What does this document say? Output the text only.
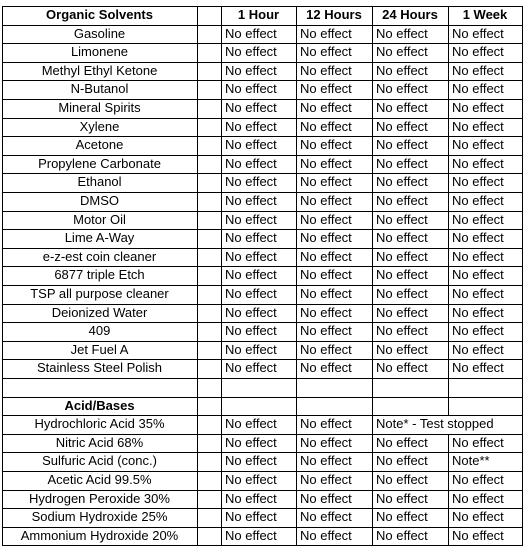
Organic Solvents	1 Hour	12 Hours	24 Hours	1 Week
Gasoline	No effect	No effect	No effect	No effect
Limonene	No effect	No effect	No effect	No effect
Methyl Ethyl Ketone	No effect	No effect	No effect	No effect
N-Butanol	No effect	No effect	No effect	No effect
Mineral Spirits	No effect	No effect	No effect	No effect
Xylene	No effect	No effect	No effect	No effect
Acetone	No effect	No effect	No effect	No effect
Propylene Carbonate	No effect	No effect	No effect	No effect
Ethanol	No effect	No effect	No effect	No effect
DMSO	No effect	No effect	No effect	No effect
Motor Oil	No effect	No effect	No effect	No effect
Lime A-Way	No effect	No effect	No effect	No effect
e-z-est coin cleaner	No effect	No effect	No effect	No effect
6877 triple Etch	No effect	No effect	No effect	No effect
TSP all purpose cleaner	No effect	No effect	No effect	No effect
Deionized Water	No effect	No effect	No effect	No effect
409	No effect	No effect	No effect	No effect
Jet Fuel A	No effect	No effect	No effect	No effect
Stainless Steel Polish	No effect	No effect	No effect	No effect
Acid/Bases
Hydrochloric Acid 35%	No effect	No effect	Note* - Test stopped
Nitric Acid 68%	No effect	No effect	No effect	No effect
Sulfuric Acid (conc.)	No effect	No effect	No effect	Note**
Acetic Acid 99.5%	No effect	No effect	No effect	No effect
Hydrogen Peroxide 30%	No effect	No effect	No effect	No effect
Sodium Hydroxide 25%	No effect	No effect	No effect	No effect
Ammonium Hydroxide 20%	No effect	No effect	No effect	No effect
